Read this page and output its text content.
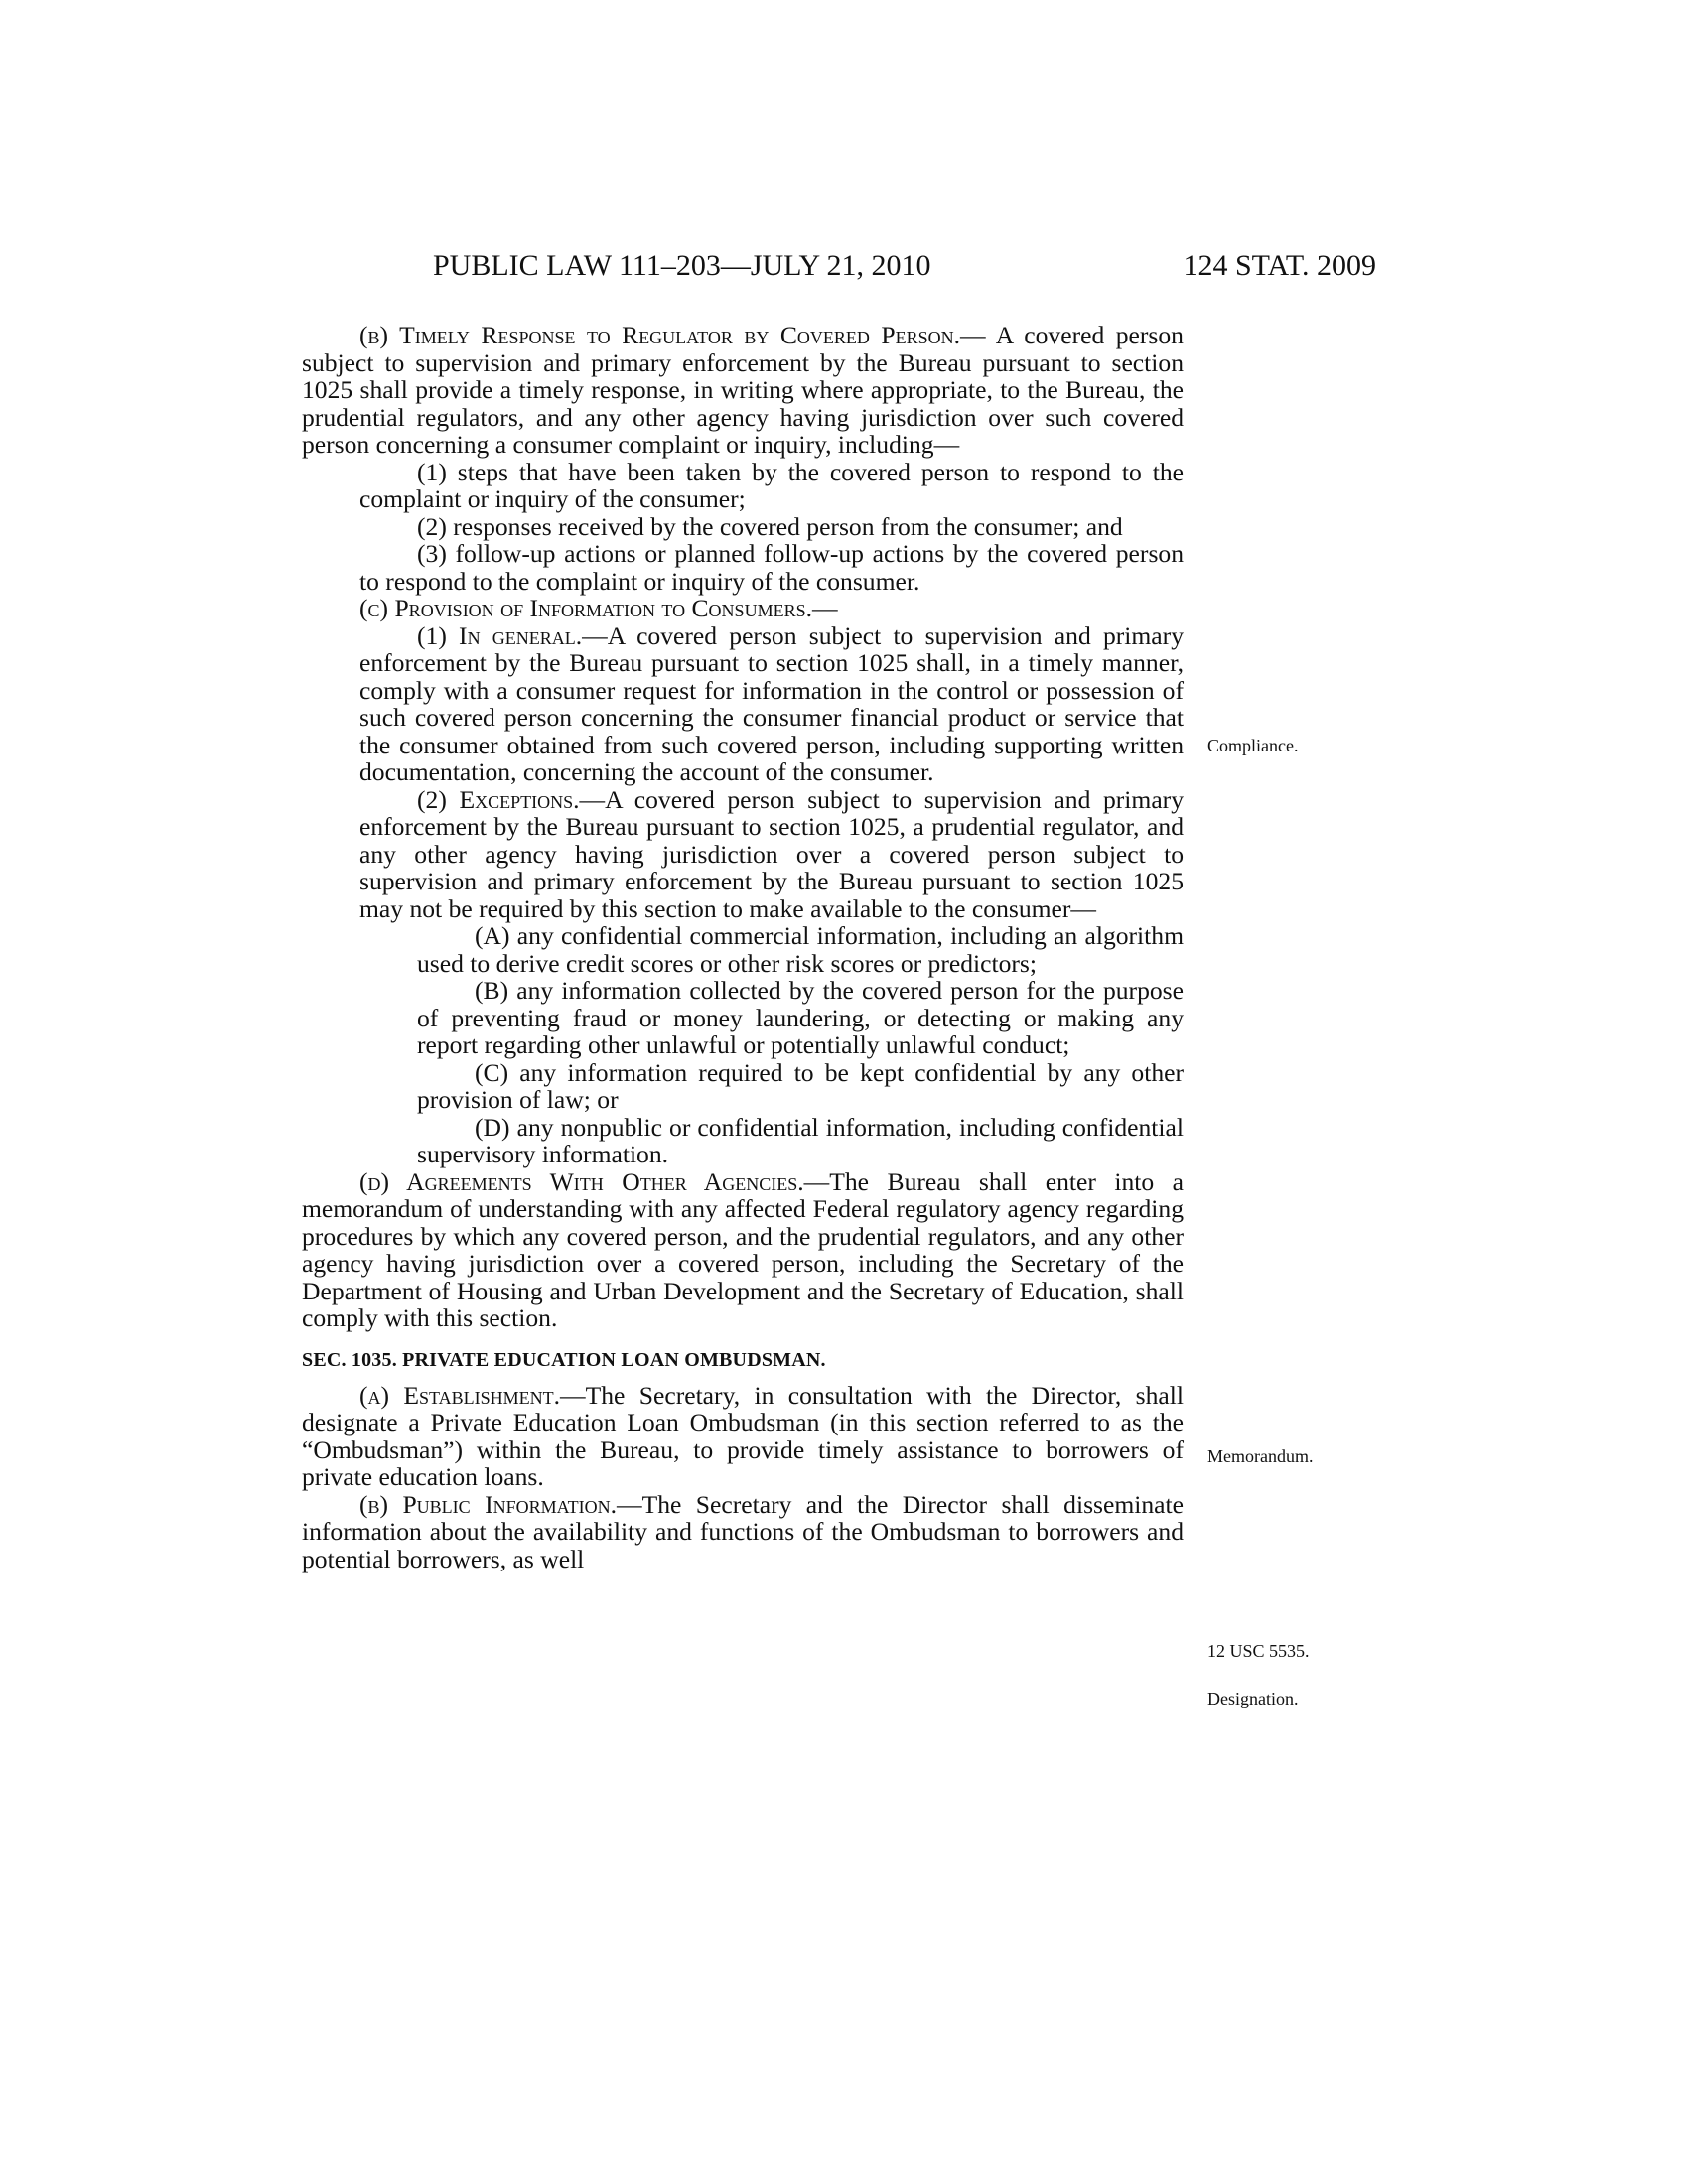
PUBLIC LAW 111–203—JULY 21, 2010	124 STAT. 2009

(b) Timely Response to Regulator by Covered Person.— A covered person subject to supervision and primary enforcement by the Bureau pursuant to section 1025 shall provide a timely response, in writing where appropriate, to the Bureau, the prudential regulators, and any other agency having jurisdiction over such covered person concerning a consumer complaint or inquiry, including—

(1) steps that have been taken by the covered person to respond to the complaint or inquiry of the consumer;

(2) responses received by the covered person from the consumer; and

(3) follow-up actions or planned follow-up actions by the covered person to respond to the complaint or inquiry of the consumer.

(c) Provision of Information to Consumers.—

(1) In general.—A covered person subject to supervision and primary enforcement by the Bureau pursuant to section 1025 shall, in a timely manner, comply with a consumer request for information in the control or possession of such covered person concerning the consumer financial product or service that the consumer obtained from such covered person, including supporting written documentation, concerning the account of the consumer.

(2) Exceptions.—A covered person subject to supervision and primary enforcement by the Bureau pursuant to section 1025, a prudential regulator, and any other agency having jurisdiction over a covered person subject to supervision and primary enforcement by the Bureau pursuant to section 1025 may not be required by this section to make available to the consumer—

(A) any confidential commercial information, including an algorithm used to derive credit scores or other risk scores or predictors;

(B) any information collected by the covered person for the purpose of preventing fraud or money laundering, or detecting or making any report regarding other unlawful or potentially unlawful conduct;

(C) any information required to be kept confidential by any other provision of law; or

(D) any nonpublic or confidential information, including confidential supervisory information.

(d) Agreements With Other Agencies.—The Bureau shall enter into a memorandum of understanding with any affected Federal regulatory agency regarding procedures by which any covered person, and the prudential regulators, and any other agency having jurisdiction over a covered person, including the Secretary of the Department of Housing and Urban Development and the Secretary of Education, shall comply with this section.

SEC. 1035. PRIVATE EDUCATION LOAN OMBUDSMAN.

(a) Establishment.—The Secretary, in consultation with the Director, shall designate a Private Education Loan Ombudsman (in this section referred to as the “Ombudsman”) within the Bureau, to provide timely assistance to borrowers of private education loans.

(b) Public Information.—The Secretary and the Director shall disseminate information about the availability and functions of the Ombudsman to borrowers and potential borrowers, as well

Compliance.
Memorandum.
12 USC 5535.
Designation.
